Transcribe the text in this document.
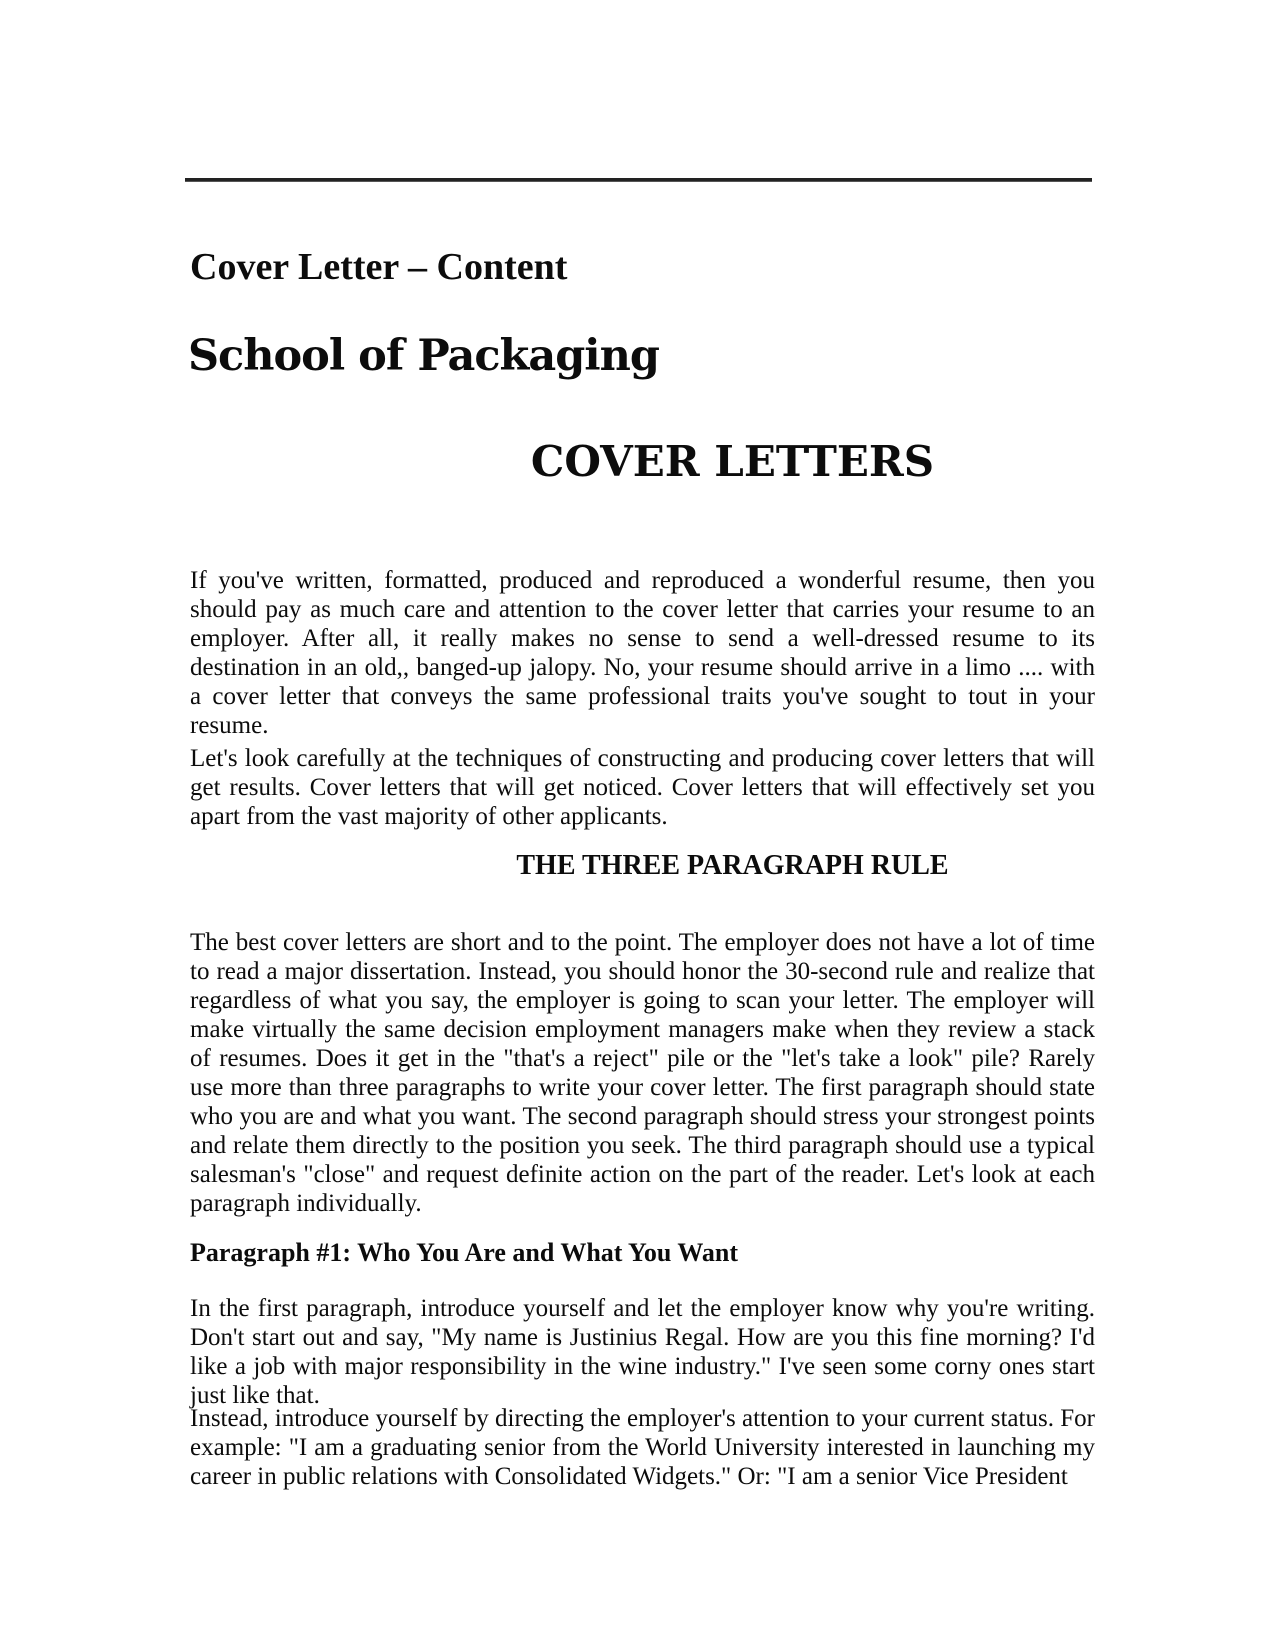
Cover Letter – Content
School of Packaging
COVER LETTERS
If you've written, formatted, produced and reproduced a wonderful resume, then you should pay as much care and attention to the cover letter that carries your resume to an employer. After all, it really makes no sense to send a well-dressed resume to its destination in an old,, banged-up jalopy. No, your resume should arrive in a limo .... with a cover letter that conveys the same professional traits you've sought to tout in your resume.
Let's look carefully at the techniques of constructing and producing cover letters that will get results. Cover letters that will get noticed. Cover letters that will effectively set you apart from the vast majority of other applicants.
THE THREE PARAGRAPH RULE
The best cover letters are short and to the point. The employer does not have a lot of time to read a major dissertation. Instead, you should honor the 30-second rule and realize that regardless of what you say, the employer is going to scan your letter. The employer will make virtually the same decision employment managers make when they review a stack of resumes. Does it get in the "that's a reject" pile or the "let's take a look" pile? Rarely use more than three paragraphs to write your cover letter. The first paragraph should state who you are and what you want. The second paragraph should stress your strongest points and relate them directly to the position you seek. The third paragraph should use a typical salesman's "close" and request definite action on the part of the reader. Let's look at each paragraph individually.
Paragraph #1: Who You Are and What You Want
In the first paragraph, introduce yourself and let the employer know why you're writing. Don't start out and say, "My name is Justinius Regal. How are you this fine morning? I'd like a job with major responsibility in the wine industry." I've seen some corny ones start just like that.
Instead, introduce yourself by directing the employer's attention to your current status. For example: "I am a graduating senior from the World University interested in launching my career in public relations with Consolidated Widgets." Or: "I am a senior Vice President
